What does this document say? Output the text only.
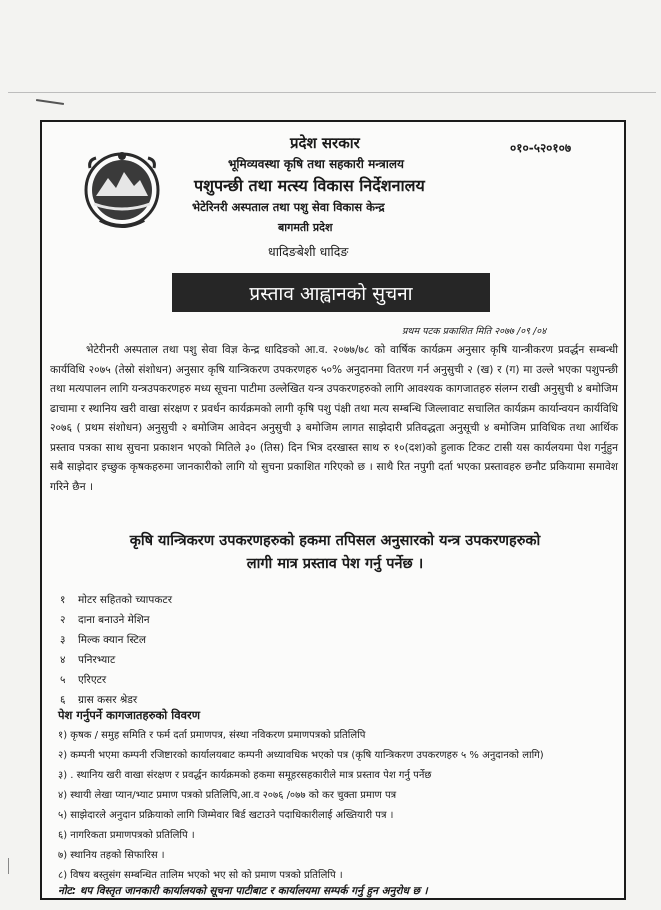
प्रदेश सरकार	०१०-५२०१०७
भूमिव्यवस्था कृषि तथा सहकारी मन्त्रालय
पशुपन्छी तथा मत्स्य विकास निर्देशनालय
भेटेरिनरी अस्पताल तथा पशु सेवा विकास केन्द्र
बागमती प्रदेश
धादिङबेशी धादिङ
प्रस्ताव आह्वानको सुचना
प्रथम पटक प्रकाशित मिति २०७७ /०९ /०४
भेटेरीनरी अस्पताल तथा पशु सेवा विज्ञ केन्द्र धादिङको आ.व. २०७७/७८ को वार्षिक कार्यक्रम अनुसार कृषि यान्त्रीकरण प्रवर्द्धन सम्बन्धी कार्यविधि २०७५ (तेस्रो संशोधन) अनुसार कृषि यान्त्रिकरण उपकरणहरु ५०% अनुदानमा वितरण गर्न अनुसुची २ (ख) र (ग) मा उल्ले भएका पशुपन्छी तथा मत्यपालन लागि यन्त्रउपकरणहरु मध्य सूचना पाटीमा उल्लेखित यन्त्र उपकरणहरुको लागि आवश्यक कागजातहरु संलग्न राखी अनुसुची ४ बमोजिम ढाचामा र स्थानिय खरी वाखा संरक्षण र प्रवर्धन कार्यक्रमको लागी कृषि पशु पंक्षी तथा मत्य सम्बन्धि जिल्लावाट सचालित कार्यक्रम कार्यान्वयन कार्यविधि २०७६ ( प्रथम संशोधन) अनुसुची २ बमोजिम आवेदन अनुसुची ३ बमोजिम लागत साझेदारी प्रतिवद्धता अनुसूची ४ बमोजिम प्राविधिक तथा आर्थिक प्रस्ताव पत्रका साथ सुचना प्रकाशन भएको मितिले ३० (तिस) दिन भित्र दरखास्त साथ रु १०(दश)को हुलाक टिकट टासी यस कार्यलयमा पेश गर्नुहुन सबै साझेदार इच्छुक कृषकहरुमा जानकारीको लागि यो सुचना प्रकाशित गरिएको छ । साथै रित नपुगी दर्ता भएका प्रस्तावहरु छनौट प्रकियामा समावेश गरिने छैन ।
कृषि यान्त्रिकरण उपकरणहरुको हकमा तपिसल अनुसारको यन्त्र उपकरणहरुको
लागी मात्र प्रस्ताव पेश गर्नु पर्नेछ ।
१ मोटर सहितको च्यापकटर
२ दाना बनाउने मेशिन
३ मिल्क क्यान स्टिल
४ पनिरभ्याट
५ एरिएटर
६ ग्रास कसर श्रेडर
पेश गर्नुपर्ने कागजातहरुको विवरण
१) कृषक / समुह समिति र फर्म दर्ता प्रमाणपत्र, संस्था नविकरण प्रमाणपत्रको प्रतिलिपि
२) कम्पनी भएमा कम्पनी रजिष्टारको कार्यालयबाट कम्पनी अध्यावधिक भएको पत्र (कृषि यान्त्रिकरण उपकरणहरु ५ % अनुदानको लागि)
३) . स्थानिय खरी वाखा संरक्षण र प्रवर्द्धन कार्यक्रमको हकमा समूहरसहकारीले मात्र प्रस्ताव पेश गर्नु पर्नेछ
४) स्थायी लेखा प्यान/भ्याट प्रमाण पत्रको प्रतिलिपि,आ.व २०७६ /०७७ को कर चुक्ता प्रमाण पत्र
५) साझेदारले अनुदान प्रक्रियाको लागि जिम्मेवार बिर्ड खटाउने पदाधिकारीलाई अख्तियारी पत्र ।
६) नागरिकता प्रमाणपत्रको प्रतिलिपि ।
७) स्थानिय तहको सिफारिस ।
८) विषय बस्तुसंग सम्बन्धित तालिम भएको भए सो को प्रमाण पत्रको प्रतिलिपि ।
नोट: थप विस्तृत जानकारी कार्यालयको सूचना पाटीबाट र कार्यालयमा सम्पर्क गर्नु हुन अनुरोध छ ।
